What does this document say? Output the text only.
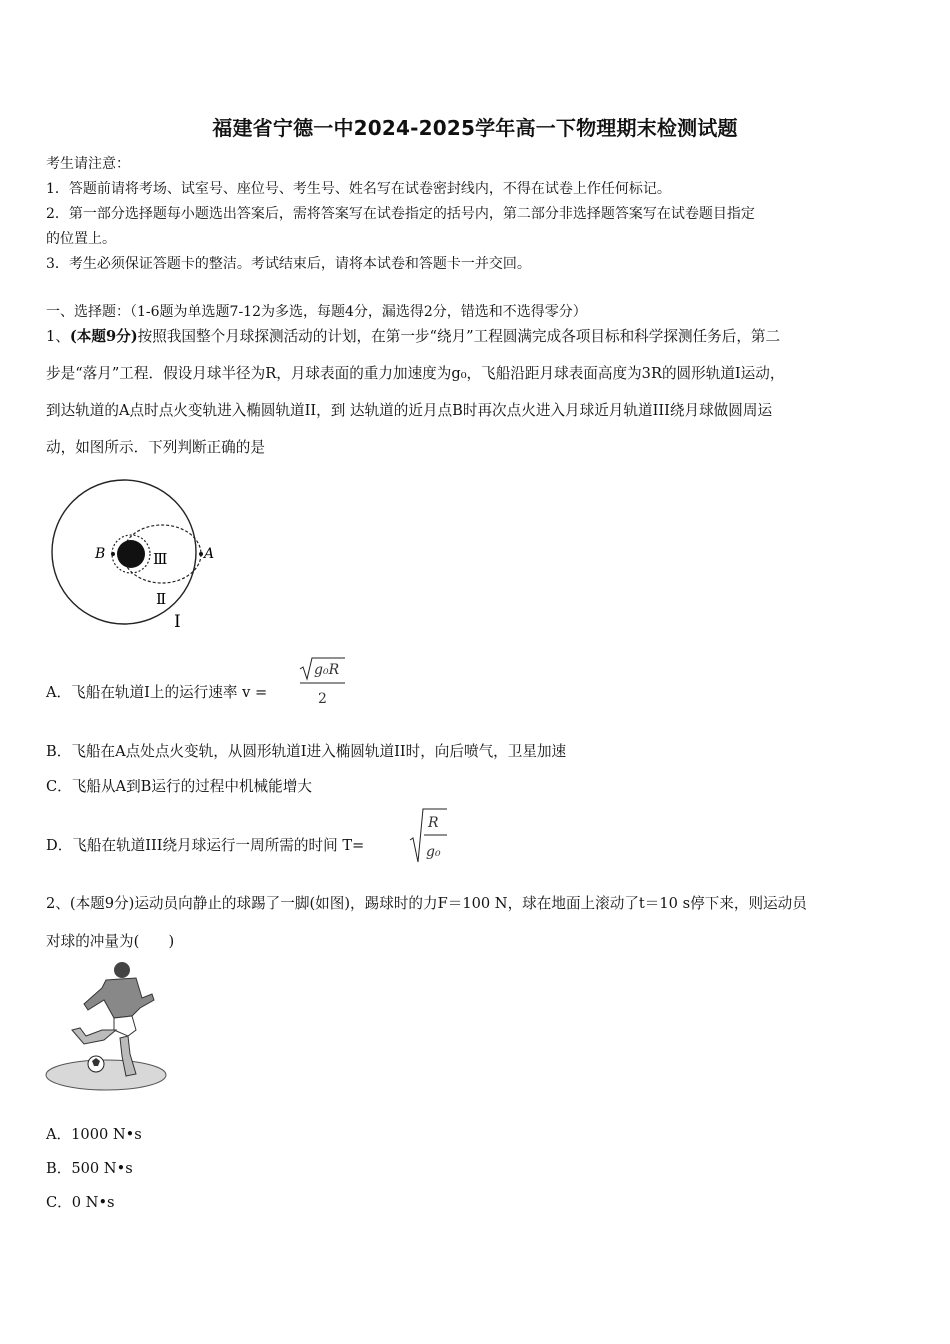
福建省宁德一中2024-2025学年高一下物理期末检测试题
考生请注意：
1．答题前请将考场、试室号、座位号、考生号、姓名写在试卷密封线内，不得在试卷上作任何标记。
2．第一部分选择题每小题选出答案后，需将答案写在试卷指定的括号内，第二部分非选择题答案写在试卷题目指定
的位置上。
3．考生必须保证答题卡的整洁。考试结束后，请将本试卷和答题卡一并交回。
一、选择题：（1-6题为单选题7-12为多选，每题4分，漏选得2分，错选和不选得零分）
1、(本题9分)按照我国整个月球探测活动的计划，在第一步“绕月”工程圆满完成各项目标和科学探测任务后，第二
步是“落月”工程．假设月球半径为R，月球表面的重力加速度为g₀，飞船沿距月球表面高度为3R的圆形轨道I运动，
到达轨道的A点时点火变轨进入椭圆轨道II，到 达轨道的近月点B时再次点火进入月球近月轨道III绕月球做圆周运
动，如图所示．下列判断正确的是
A
B	Ⅲ
Ⅱ
I
A．飞船在轨道I上的运行速率 v =
g₀R
2
B．飞船在A点处点火变轨，从圆形轨道I进入椭圆轨道II时，向后喷气，卫星加速
C．飞船从A到B运行的过程中机械能增大
D．飞船在轨道III绕月球运行一周所需的时间 T=
R
g₀
2、(本题9分)运动员向静止的球踢了一脚(如图)，踢球时的力F＝100 N，球在地面上滚动了t＝10 s停下来，则运动员
对球的冲量为(　　)
A．1000 N•s
B．500 N•s
C．0 N•s
